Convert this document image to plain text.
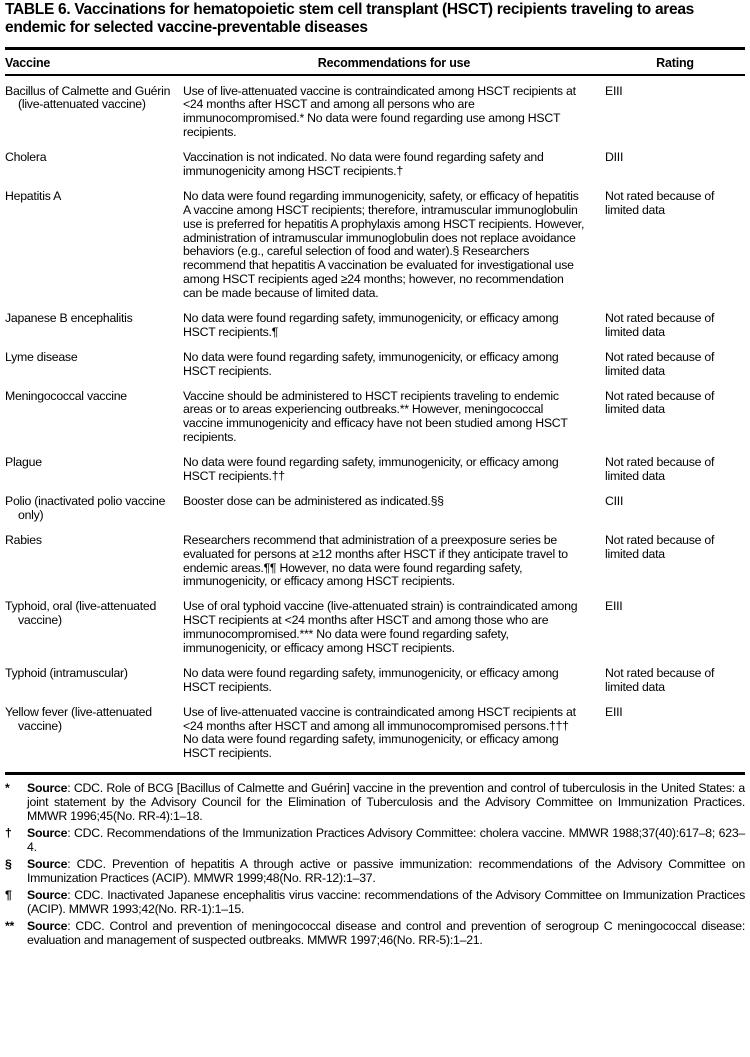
TABLE 6. Vaccinations for hematopoietic stem cell transplant (HSCT) recipients traveling to areas endemic for selected vaccine-preventable diseases
Vaccine	Recommendations for use	Rating
Bacillus of Calmette and Guérin (live-attenuated vaccine)	Use of live-attenuated vaccine is contraindicated among HSCT recipients at <24 months after HSCT and among all persons who are immunocompromised.* No data were found regarding use among HSCT recipients.	EIII
Cholera	Vaccination is not indicated. No data were found regarding safety and immunogenicity among HSCT recipients.†	DIII
Hepatitis A	No data were found regarding immunogenicity, safety, or efficacy of hepatitis A vaccine among HSCT recipients; therefore, intramuscular immunoglobulin use is preferred for hepatitis A prophylaxis among HSCT recipients. However, administration of intramuscular immunoglobulin does not replace avoidance behaviors (e.g., careful selection of food and water).§ Researchers recommend that hepatitis A vaccination be evaluated for investigational use among HSCT recipients aged ≥24 months; however, no recommendation can be made because of limited data.	Not rated because of limited data
Japanese B encephalitis	No data were found regarding safety, immunogenicity, or efficacy among HSCT recipients.¶	Not rated because of limited data
Lyme disease	No data were found regarding safety, immunogenicity, or efficacy among HSCT recipients.	Not rated because of limited data
Meningococcal vaccine	Vaccine should be administered to HSCT recipients traveling to endemic areas or to areas experiencing outbreaks.** However, meningococcal vaccine immunogenicity and efficacy have not been studied among HSCT recipients.	Not rated because of limited data
Plague	No data were found regarding safety, immunogenicity, or efficacy among HSCT recipients.††	Not rated because of limited data
Polio (inactivated polio vaccine only)	Booster dose can be administered as indicated.§§	CIII
Rabies	Researchers recommend that administration of a preexposure series be evaluated for persons at ≥12 months after HSCT if they anticipate travel to endemic areas.¶¶ However, no data were found regarding safety, immunogenicity, or efficacy among HSCT recipients.	Not rated because of limited data
Typhoid, oral (live-attenuated vaccine)	Use of oral typhoid vaccine (live-attenuated strain) is contraindicated among HSCT recipients at <24 months after HSCT and among those who are immunocompromised.*** No data were found regarding safety, immunogenicity, or efficacy among HSCT recipients.	EIII
Typhoid (intramuscular)	No data were found regarding safety, immunogenicity, or efficacy among HSCT recipients.	Not rated because of limited data
Yellow fever (live-attenuated vaccine)	Use of live-attenuated vaccine is contraindicated among HSCT recipients at <24 months after HSCT and among all immunocompromised persons.††† No data were found regarding safety, immunogenicity, or efficacy among HSCT recipients.	EIII
*	Source: CDC. Role of BCG [Bacillus of Calmette and Guérin] vaccine in the prevention and control of tuberculosis in the United States: a joint statement by the Advisory Council for the Elimination of Tuberculosis and the Advisory Committee on Immunization Practices. MMWR 1996;45(No. RR-4):1–18.
†	Source: CDC. Recommendations of the Immunization Practices Advisory Committee: cholera vaccine. MMWR 1988;37(40):617–8; 623–4.
§	Source: CDC. Prevention of hepatitis A through active or passive immunization: recommendations of the Advisory Committee on Immunization Practices (ACIP). MMWR 1999;48(No. RR-12):1–37.
¶	Source: CDC. Inactivated Japanese encephalitis virus vaccine: recommendations of the Advisory Committee on Immunization Practices (ACIP). MMWR 1993;42(No. RR-1):1–15.
**	Source: CDC. Control and prevention of meningococcal disease and control and prevention of serogroup C meningococcal disease: evaluation and management of suspected outbreaks. MMWR 1997;46(No. RR-5):1–21.
